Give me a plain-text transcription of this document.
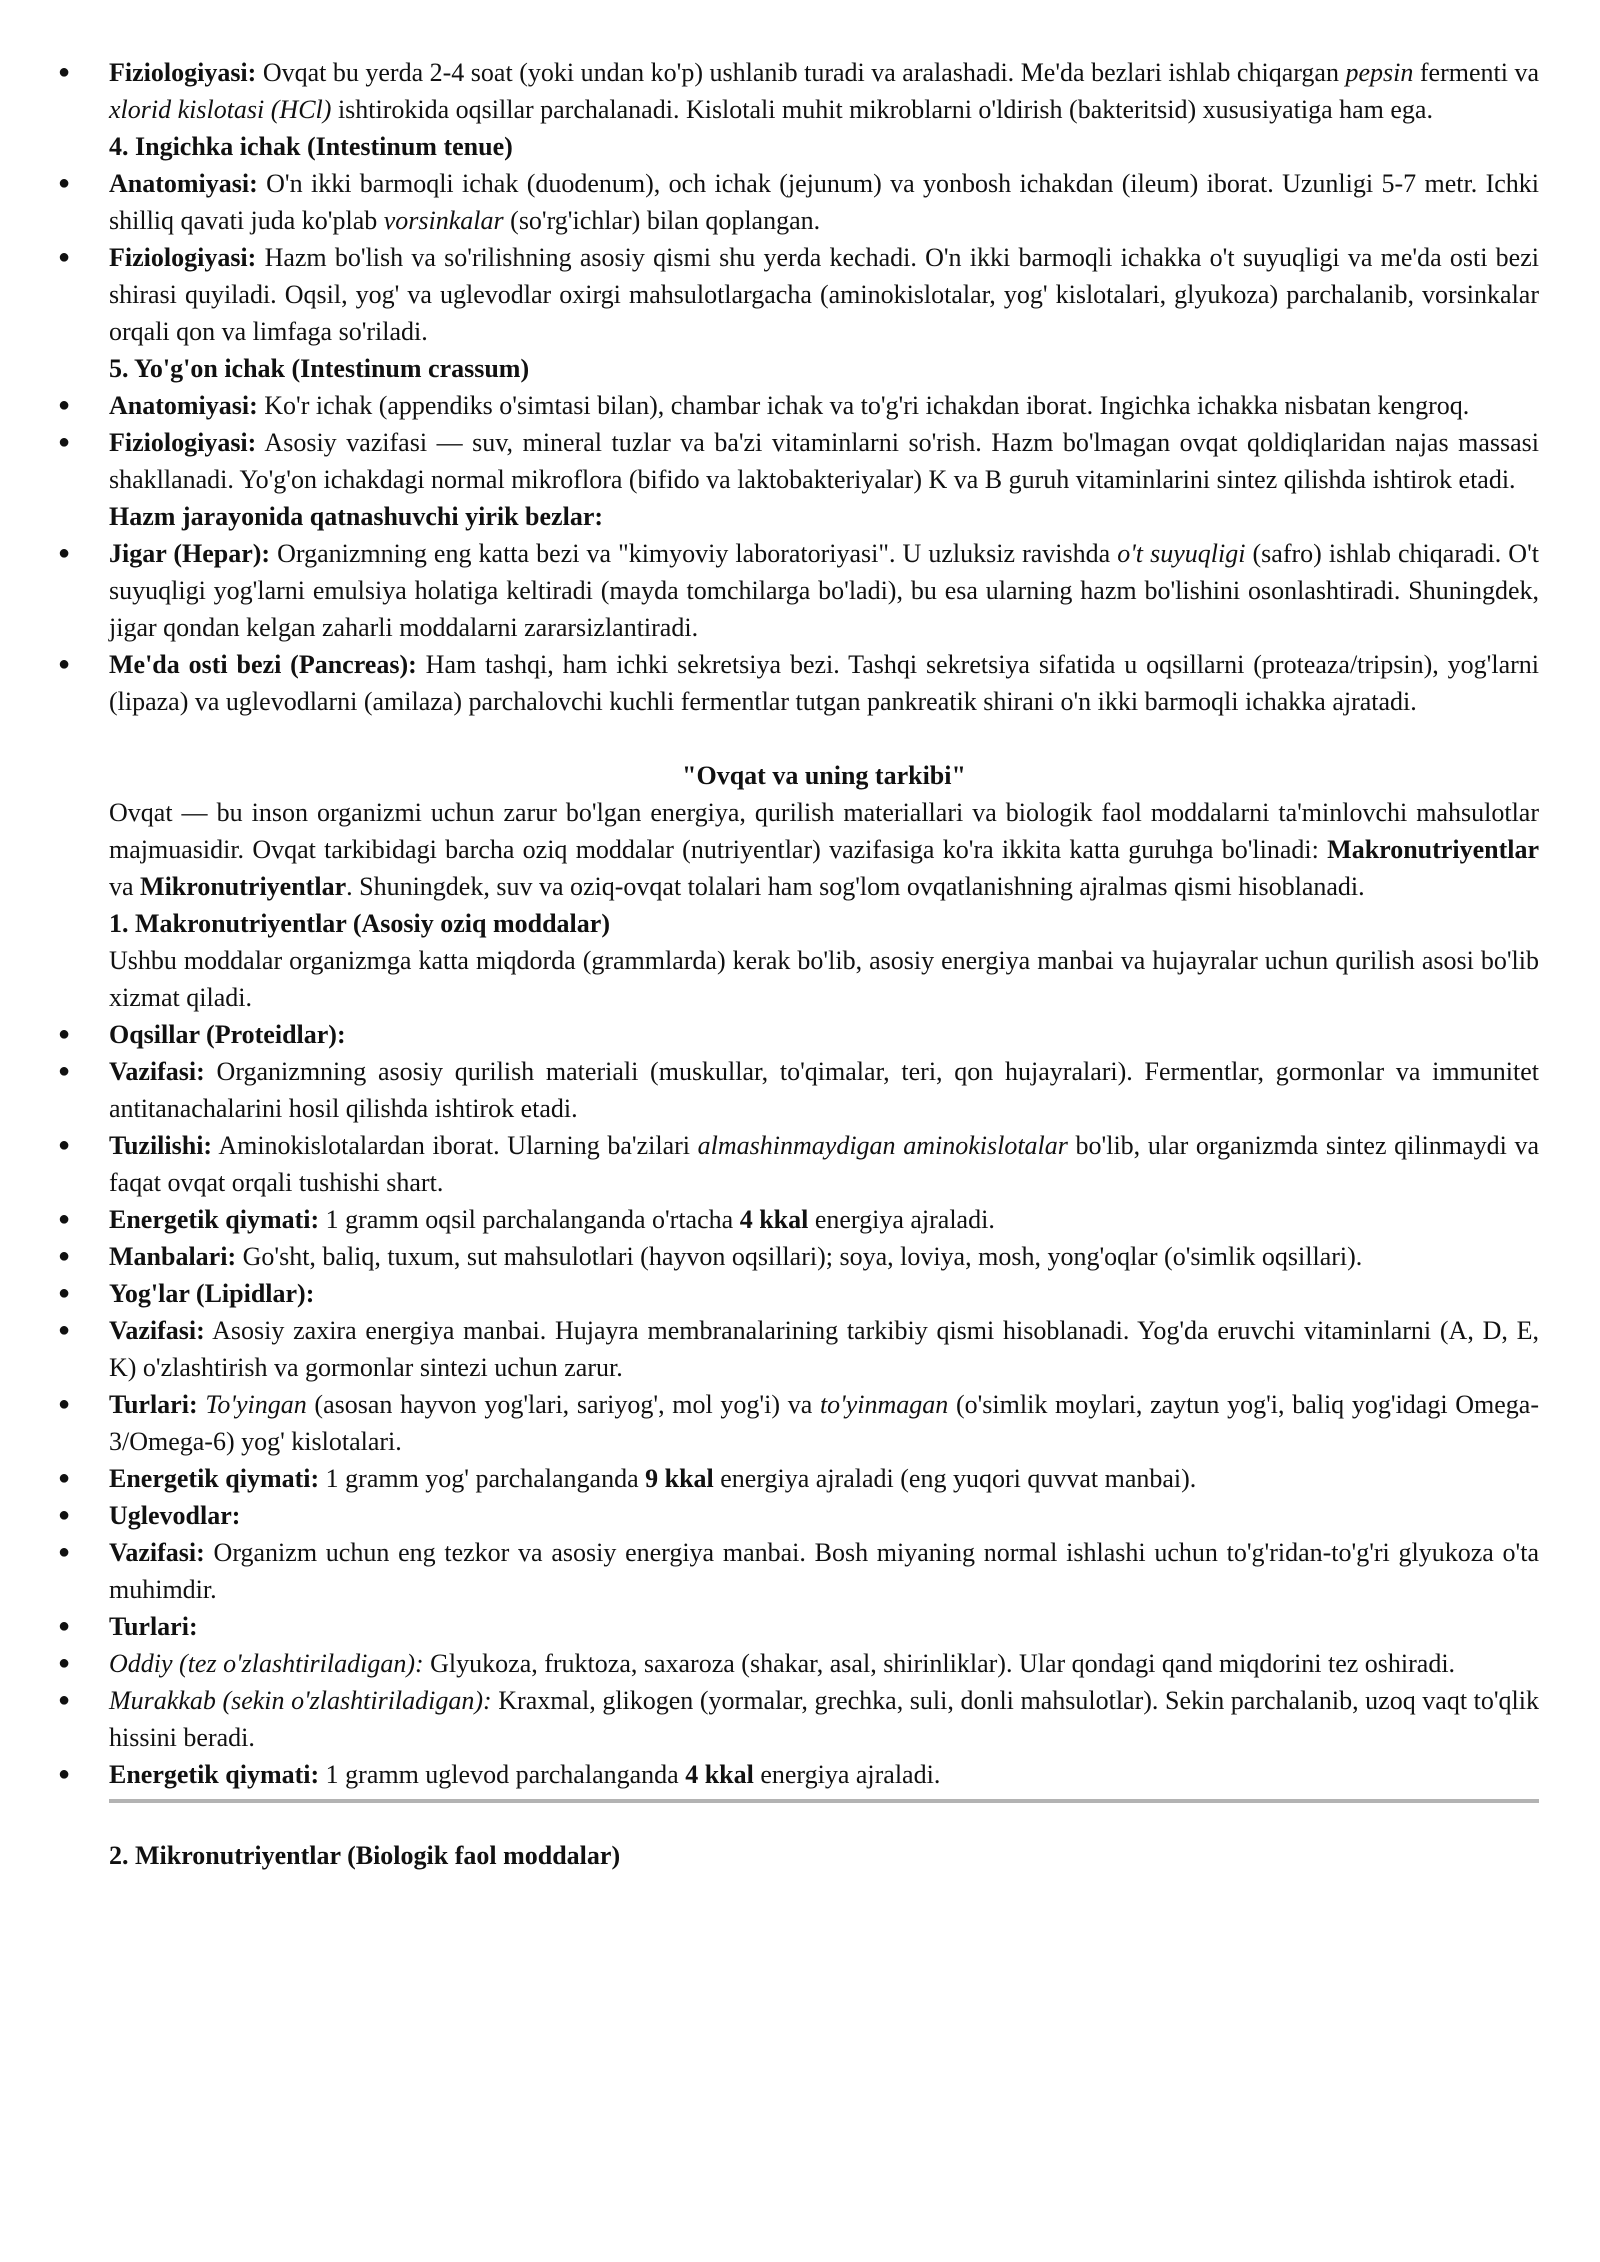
● Fiziologiyasi: Ovqat bu yerda 2-4 soat (yoki undan ko'p) ushlanib turadi va aralashadi. Me'da bezlari ishlab chiqargan pepsin fermenti va xlorid kislotasi (HCl) ishtirokida oqsillar parchalanadi. Kislotali muhit mikroblarni o'ldirish (bakteritsid) xususiyatiga ham ega.
4. Ingichka ichak (Intestinum tenue)
● Anatomiyasi: O'n ikki barmoqli ichak (duodenum), och ichak (jejunum) va yonbosh ichakdan (ileum) iborat. Uzunligi 5-7 metr. Ichki shilliq qavati juda ko'plab vorsinkalar (so'rg'ichlar) bilan qoplangan.
● Fiziologiyasi: Hazm bo'lish va so'rilishning asosiy qismi shu yerda kechadi. O'n ikki barmoqli ichakka o't suyuqligi va me'da osti bezi shirasi quyiladi. Oqsil, yog' va uglevodlar oxirgi mahsulotlargacha (aminokislotalar, yog' kislotalari, glyukoza) parchalanib, vorsinkalar orqali qon va limfaga so'riladi.
5. Yo'g'on ichak (Intestinum crassum)
● Anatomiyasi: Ko'r ichak (appendiks o'simtasi bilan), chambar ichak va to'g'ri ichakdan iborat. Ingichka ichakka nisbatan kengroq.
● Fiziologiyasi: Asosiy vazifasi — suv, mineral tuzlar va ba'zi vitaminlarni so'rish. Hazm bo'lmagan ovqat qoldiqlaridan najas massasi shakllanadi. Yo'g'on ichakdagi normal mikroflora (bifido va laktobakteriyalar) K va B guruh vitaminlarini sintez qilishda ishtirok etadi.
Hazm jarayonida qatnashuvchi yirik bezlar:
● Jigar (Hepar): Organizmning eng katta bezi va "kimyoviy laboratoriyasi". U uzluksiz ravishda o't suyuqligi (safro) ishlab chiqaradi. O't suyuqligi yog'larni emulsiya holatiga keltiradi (mayda tomchilarga bo'ladi), bu esa ularning hazm bo'lishini osonlashtiradi. Shuningdek, jigar qondan kelgan zaharli moddalarni zararsizlantiradi.
● Me'da osti bezi (Pancreas): Ham tashqi, ham ichki sekretsiya bezi. Tashqi sekretsiya sifatida u oqsillarni (proteaza/tripsin), yog'larni (lipaza) va uglevodlarni (amilaza) parchalovchi kuchli fermentlar tutgan pankreatik shirani o'n ikki barmoqli ichakka ajratadi.
"Ovqat va uning tarkibi"
Ovqat — bu inson organizmi uchun zarur bo'lgan energiya, qurilish materiallari va biologik faol moddalarni ta'minlovchi mahsulotlar majmuasidir. Ovqat tarkibidagi barcha oziq moddalar (nutriyentlar) vazifasiga ko'ra ikkita katta guruhga bo'linadi: Makronutriyentlar va Mikronutriyentlar. Shuningdek, suv va oziq-ovqat tolalari ham sog'lom ovqatlanishning ajralmas qismi hisoblanadi.
1. Makronutriyentlar (Asosiy oziq moddalar)
Ushbu moddalar organizmga katta miqdorda (grammlarda) kerak bo'lib, asosiy energiya manbai va hujayralar uchun qurilish asosi bo'lib xizmat qiladi.
● Oqsillar (Proteidlar):
● Vazifasi: Organizmning asosiy qurilish materiali (muskullar, to'qimalar, teri, qon hujayralari). Fermentlar, gormonlar va immunitet antitanachalarini hosil qilishda ishtirok etadi.
● Tuzilishi: Aminokislotalardan iborat. Ularning ba'zilari almashinmaydigan aminokislotalar bo'lib, ular organizmda sintez qilinmaydi va faqat ovqat orqali tushishi shart.
● Energetik qiymati: 1 gramm oqsil parchalanganda o'rtacha 4 kkal energiya ajraladi.
● Manbalari: Go'sht, baliq, tuxum, sut mahsulotlari (hayvon oqsillari); soya, loviya, mosh, yong'oqlar (o'simlik oqsillari).
● Yog'lar (Lipidlar):
● Vazifasi: Asosiy zaxira energiya manbai. Hujayra membranalarining tarkibiy qismi hisoblanadi. Yog'da eruvchi vitaminlarni (A, D, E, K) o'zlashtirish va gormonlar sintezi uchun zarur.
● Turlari: To'yingan (asosan hayvon yog'lari, sariyog', mol yog'i) va to'yinmagan (o'simlik moylari, zaytun yog'i, baliq yog'idagi Omega-3/Omega-6) yog' kislotalari.
● Energetik qiymati: 1 gramm yog' parchalanganda 9 kkal energiya ajraladi (eng yuqori quvvat manbai).
● Uglevodlar:
● Vazifasi: Organizm uchun eng tezkor va asosiy energiya manbai. Bosh miyaning normal ishlashi uchun to'g'ridan-to'g'ri glyukoza o'ta muhimdir.
● Turlari:
● Oddiy (tez o'zlashtiriladigan): Glyukoza, fruktoza, saxaroza (shakar, asal, shirinliklar). Ular qondagi qand miqdorini tez oshiradi.
● Murakkab (sekin o'zlashtiriladigan): Kraxmal, glikogen (yormalar, grechka, suli, donli mahsulotlar). Sekin parchalanib, uzoq vaqt to'qlik hissini beradi.
● Energetik qiymati: 1 gramm uglevod parchalanganda 4 kkal energiya ajraladi.
2. Mikronutriyentlar (Biologik faol moddalar)
